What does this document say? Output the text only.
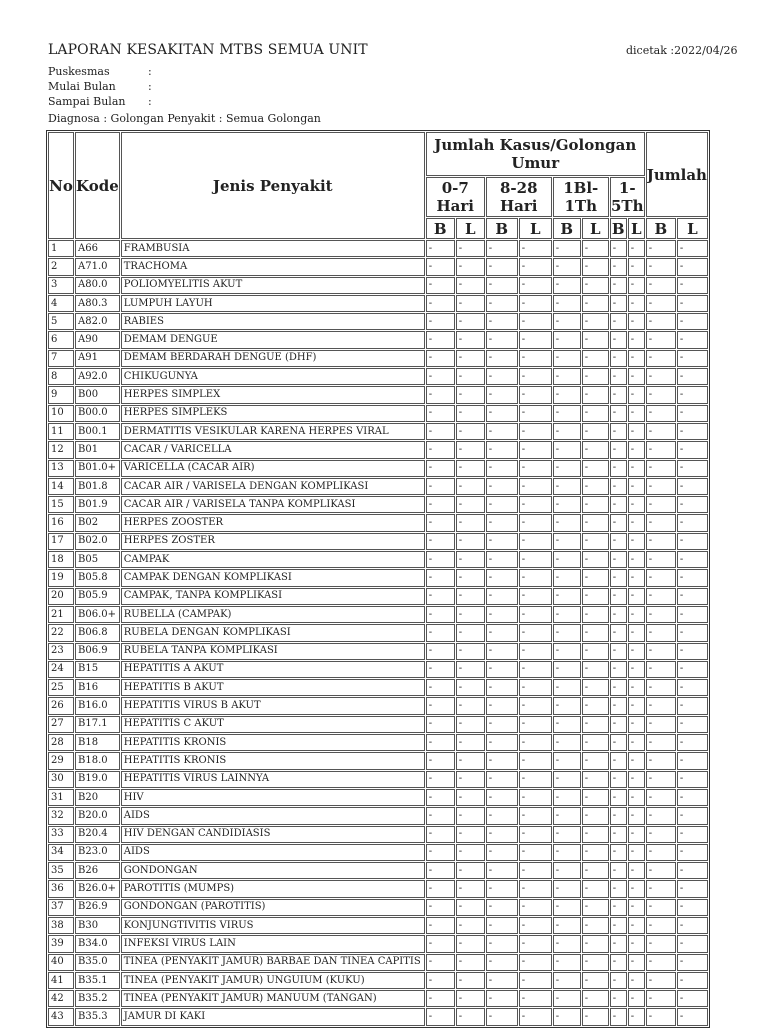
LAPORAN KESAKITAN MTBS SEMUA UNIT	dicetak :2022/04/26
Puskesmas	:
Mulai Bulan	:
Sampai Bulan :
Diagnosa : Golongan Penyakit : Semua Golongan
No	Kode	Jenis Penyakit	Jumlah Kasus/Golongan Umur								Jumlah	
			0-7 Hari		8-28 Hari		1Bl-1Th		1-5Th			
			B	L	B	L	B	L	B	L	B	L
1	A66	FRAMBUSIA	-	-	-	-	-	-	-	-	-	-
2	A71.0	TRACHOMA	-	-	-	-	-	-	-	-	-	-
3	A80.0	POLIOMYELITIS AKUT	-	-	-	-	-	-	-	-	-	-
4	A80.3	LUMPUH LAYUH	-	-	-	-	-	-	-	-	-	-
5	A82.0	RABIES	-	-	-	-	-	-	-	-	-	-
6	A90	DEMAM DENGUE	-	-	-	-	-	-	-	-	-	-
7	A91	DEMAM BERDARAH DENGUE (DHF)	-	-	-	-	-	-	-	-	-	-
8	A92.0	CHIKUGUNYA	-	-	-	-	-	-	-	-	-	-
9	B00	HERPES SIMPLEX	-	-	-	-	-	-	-	-	-	-
10	B00.0	HERPES SIMPLEKS	-	-	-	-	-	-	-	-	-	-
11	B00.1	DERMATITIS VESIKULAR KARENA HERPES VIRAL	-	-	-	-	-	-	-	-	-	-
12	B01	CACAR / VARICELLA	-	-	-	-	-	-	-	-	-	-
13	B01.0+	VARICELLA (CACAR AIR)	-	-	-	-	-	-	-	-	-	-
14	B01.8	CACAR AIR / VARISELA DENGAN KOMPLIKASI	-	-	-	-	-	-	-	-	-	-
15	B01.9	CACAR AIR / VARISELA TANPA KOMPLIKASI	-	-	-	-	-	-	-	-	-	-
16	B02	HERPES ZOOSTER	-	-	-	-	-	-	-	-	-	-
17	B02.0	HERPES ZOSTER	-	-	-	-	-	-	-	-	-	-
18	B05	CAMPAK	-	-	-	-	-	-	-	-	-	-
19	B05.8	CAMPAK DENGAN KOMPLIKASI	-	-	-	-	-	-	-	-	-	-
20	B05.9	CAMPAK, TANPA KOMPLIKASI	-	-	-	-	-	-	-	-	-	-
21	B06.0+	RUBELLA (CAMPAK)	-	-	-	-	-	-	-	-	-	-
22	B06.8	RUBELA DENGAN KOMPLIKASI	-	-	-	-	-	-	-	-	-	-
23	B06.9	RUBELA TANPA KOMPLIKASI	-	-	-	-	-	-	-	-	-	-
24	B15	HEPATITIS A AKUT	-	-	-	-	-	-	-	-	-	-
25	B16	HEPATITIS B AKUT	-	-	-	-	-	-	-	-	-	-
26	B16.0	HEPATITIS VIRUS B AKUT	-	-	-	-	-	-	-	-	-	-
27	B17.1	HEPATITIS C AKUT	-	-	-	-	-	-	-	-	-	-
28	B18	HEPATITIS KRONIS	-	-	-	-	-	-	-	-	-	-
29	B18.0	HEPATITIS KRONIS	-	-	-	-	-	-	-	-	-	-
30	B19.0	HEPATITIS VIRUS LAINNYA	-	-	-	-	-	-	-	-	-	-
31	B20	HIV	-	-	-	-	-	-	-	-	-	-
32	B20.0	AIDS	-	-	-	-	-	-	-	-	-	-
33	B20.4	HIV DENGAN CANDIDIASIS	-	-	-	-	-	-	-	-	-	-
34	B23.0	AIDS	-	-	-	-	-	-	-	-	-	-
35	B26	GONDONGAN	-	-	-	-	-	-	-	-	-	-
36	B26.0+	PAROTITIS (MUMPS)	-	-	-	-	-	-	-	-	-	-
37	B26.9	GONDONGAN (PAROTITIS)	-	-	-	-	-	-	-	-	-	-
38	B30	KONJUNGTIVITIS VIRUS	-	-	-	-	-	-	-	-	-	-
39	B34.0	INFEKSI VIRUS LAIN	-	-	-	-	-	-	-	-	-	-
40	B35.0	TINEA (PENYAKIT JAMUR) BARBAE DAN TINEA CAPITIS	-	-	-	-	-	-	-	-	-	-
41	B35.1	TINEA (PENYAKIT JAMUR) UNGUIUM (KUKU)	-	-	-	-	-	-	-	-	-	-
42	B35.2	TINEA (PENYAKIT JAMUR) MANUUM (TANGAN)	-	-	-	-	-	-	-	-	-	-
43	B35.3	JAMUR DI KAKI	-	-	-	-	-	-	-	-	-	-
